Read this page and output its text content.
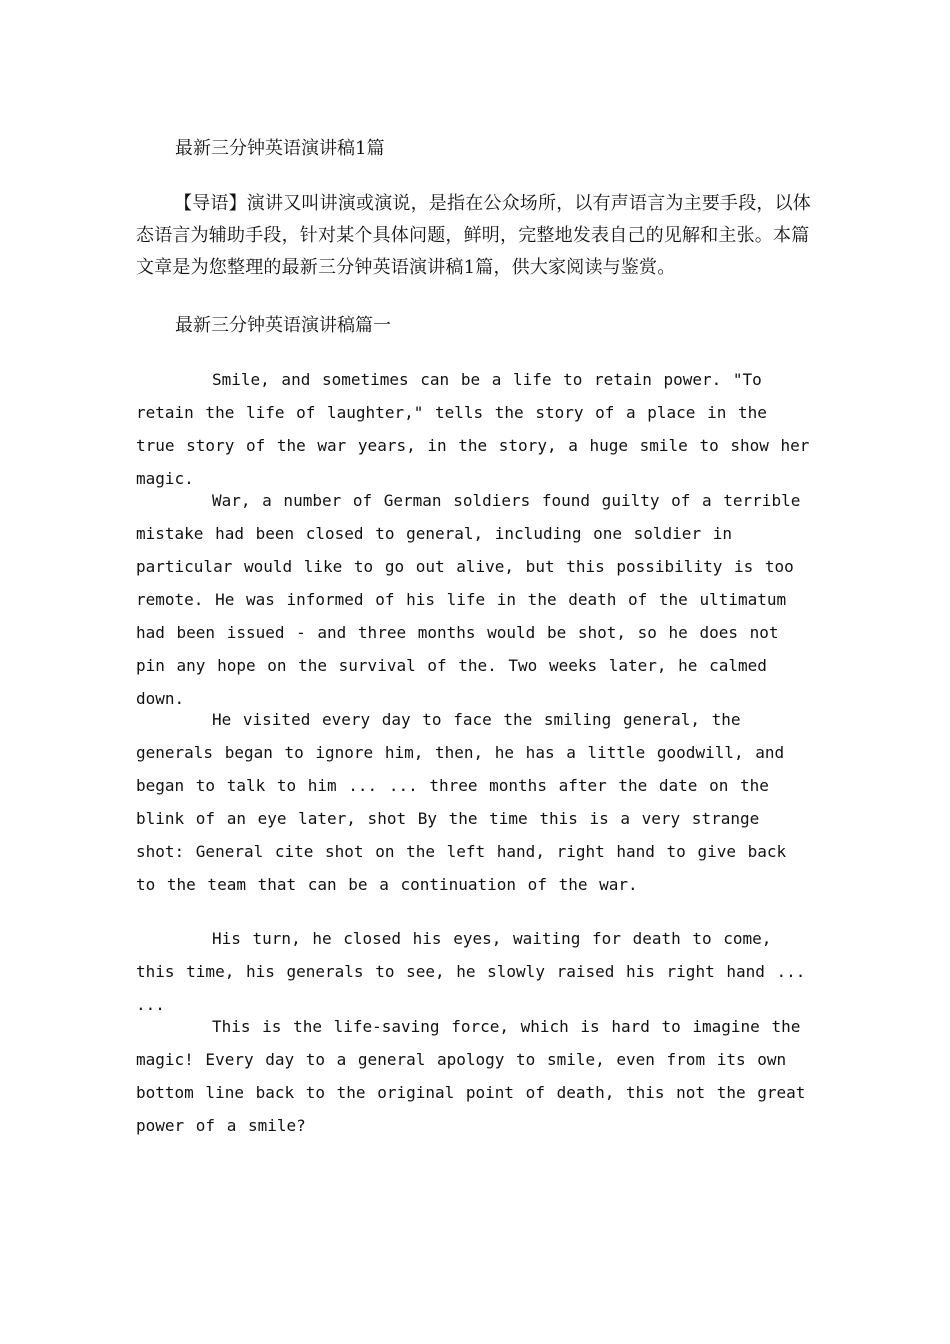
最新三分钟英语演讲稿1篇

【导语】演讲又叫讲演或演说，是指在公众场所，以有声语言为主要手段，以体态语言为辅助手段，针对某个具体问题，鲜明，完整地发表自己的见解和主张。本篇文章是为您整理的最新三分钟英语演讲稿1篇，供大家阅读与鉴赏。

最新三分钟英语演讲稿篇一

Smile, and sometimes can be a life to retain power. "To retain the life of laughter," tells the story of a place in the true story of the war years, in the story, a huge smile to show her magic.

War, a number of German soldiers found guilty of a terrible mistake had been closed to general, including one soldier in particular would like to go out alive, but this possibility is too remote. He was informed of his life in the death of the ultimatum had been issued - and three months would be shot, so he does not pin any hope on the survival of the. Two weeks later, he calmed down.

He visited every day to face the smiling general, the generals began to ignore him, then, he has a little goodwill, and began to talk to him ... ... three months after the date on the blink of an eye later, shot By the time this is a very strange shot: General cite shot on the left hand, right hand to give back to the team that can be a continuation of the war.

His turn, he closed his eyes, waiting for death to come, this time, his generals to see, he slowly raised his right hand ... ...

This is the life-saving force, which is hard to imagine the magic! Every day to a general apology to smile, even from its own bottom line back to the original point of death, this not the great power of a smile?
